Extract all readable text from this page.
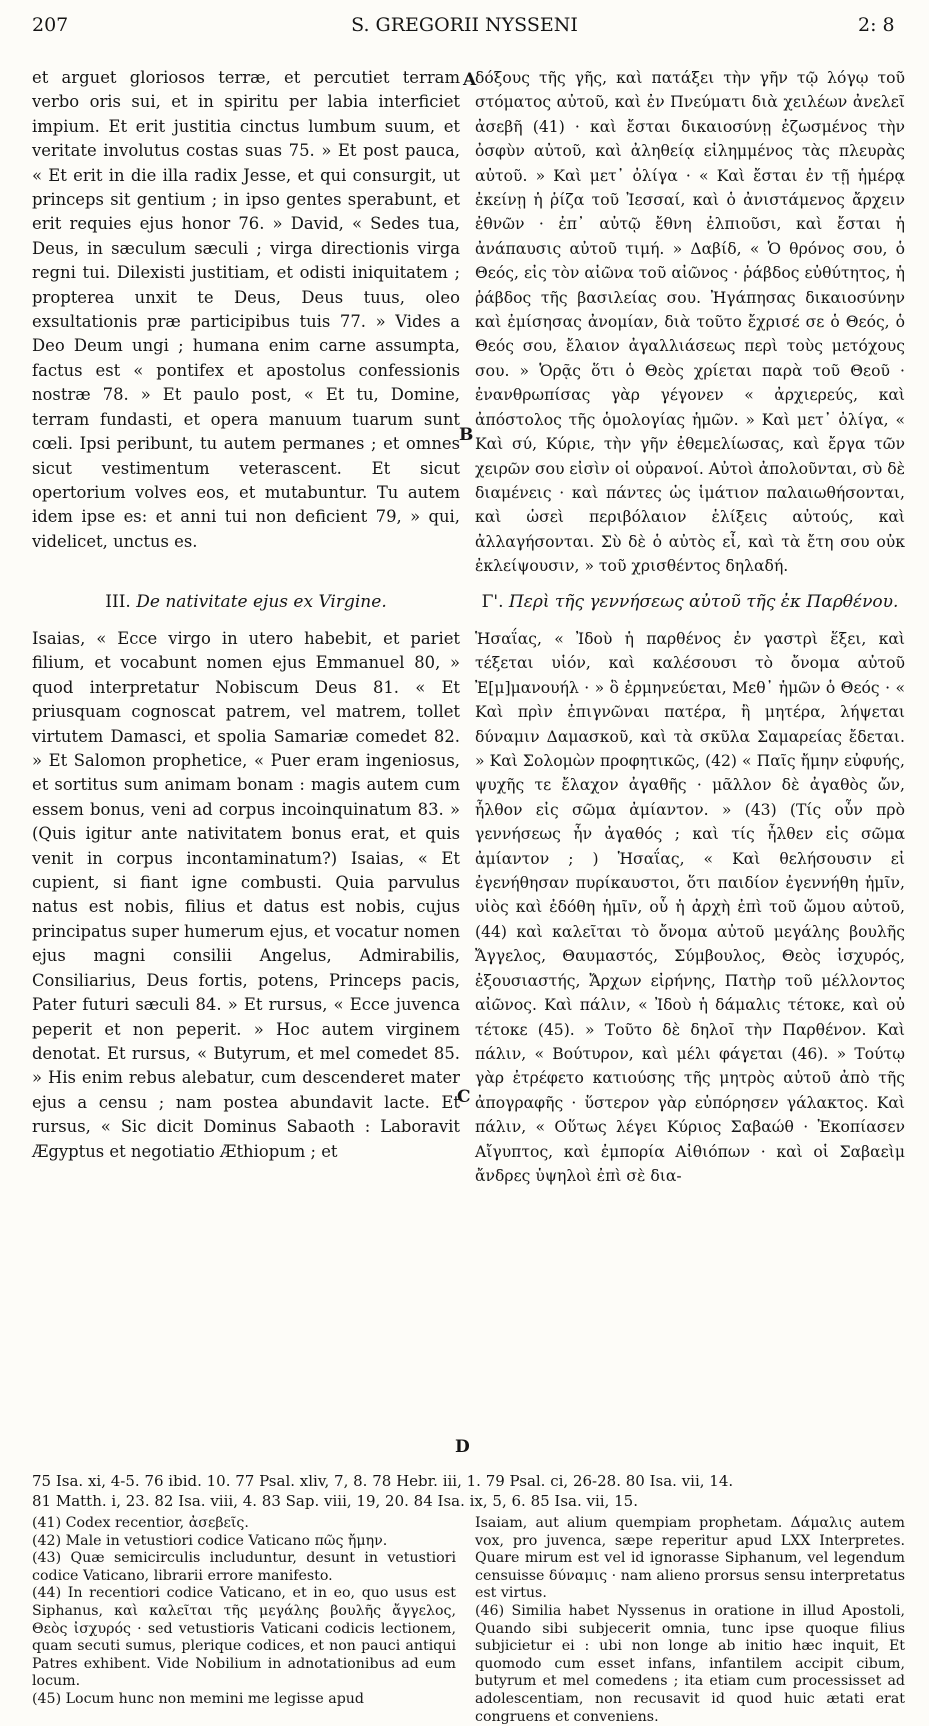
207	S. GREGORII NYSSENI	2: 8
A
B
C
D

et arguet gloriosos terræ, et percutiet terram verbo oris sui, et in spiritu per labia interficiet impium. Et erit justitia cinctus lumbum suum, et veritate involutus costas suas 75. » Et post pauca, « Et erit in die illa radix Jesse, et qui consurgit, ut princeps sit gentium ; in ipso gentes sperabunt, et erit requies ejus honor 76. » David, « Sedes tua, Deus, in sæculum sæculi ; virga directionis virga regni tui. Dilexisti justitiam, et odisti iniquitatem ; propterea unxit te Deus, Deus tuus, oleo exsultationis præ participibus tuis 77. » Vides a Deo Deum ungi ; humana enim carne assumpta, factus est « pontifex et apostolus confessionis nostræ 78. » Et paulo post, « Et tu, Domine, terram fundasti, et opera manuum tuarum sunt cœli. Ipsi peribunt, tu autem permanes ; et omnes sicut vestimentum veterascent. Et sicut opertorium volves eos, et mutabuntur. Tu autem idem ipse es: et anni tui non deficient 79, » qui, videlicet, unctus es.

δόξους τῆς γῆς, καὶ πατάξει τὴν γῆν τῷ λόγῳ τοῦ στόματος αὐτοῦ, καὶ ἐν Πνεύματι διὰ χειλέων ἀνελεῖ ἀσεβῆ (41) · καὶ ἔσται δικαιοσύνῃ ἐζωσμένος τὴν ὀσφὺν αὐτοῦ, καὶ ἀληθείᾳ εἰλημμένος τὰς πλευρὰς αὐτοῦ. » Καὶ μετ᾽ ὀλίγα · « Καὶ ἔσται ἐν τῇ ἡμέρᾳ ἐκείνῃ ἡ ῥίζα τοῦ Ἰεσσαί, καὶ ὁ ἀνιστάμενος ἄρχειν ἐθνῶν · ἐπ᾽ αὐτῷ ἔθνη ἐλπιοῦσι, καὶ ἔσται ἡ ἀνάπαυσις αὐτοῦ τιμή. » Δαβίδ, « Ὁ θρόνος σου, ὁ Θεός, εἰς τὸν αἰῶνα τοῦ αἰῶνος · ῥάβδος εὐθύτητος, ἡ ῥάβδος τῆς βασιλείας σου. Ἠγάπησας δικαιοσύνην καὶ ἐμίσησας ἀνομίαν, διὰ τοῦτο ἔχρισέ σε ὁ Θεός, ὁ Θεός σου, ἔλαιον ἀγαλλιάσεως περὶ τοὺς μετόχους σου. » Ὁρᾷς ὅτι ὁ Θεὸς χρίεται παρὰ τοῦ Θεοῦ · ἐνανθρωπίσας γὰρ γέγονεν « ἀρχιερεύς, καὶ ἀπόστολος τῆς ὁμολογίας ἡμῶν. » Καὶ μετ᾽ ὀλίγα, « Καὶ σύ, Κύριε, τὴν γῆν ἐθεμελίωσας, καὶ ἔργα τῶν χειρῶν σου εἰσὶν οἱ οὐρανοί. Αὐτοὶ ἀπολοῦνται, σὺ δὲ διαμένεις · καὶ πάντες ὡς ἱμάτιον παλαιωθήσονται, καὶ ὡσεὶ περιβόλαιον ἑλίξεις αὐτούς, καὶ ἀλλαγήσονται. Σὺ δὲ ὁ αὐτὸς εἶ, καὶ τὰ ἔτη σου οὐκ ἐκλείψουσιν, » τοῦ χρισθέντος δηλαδή.

III. De nativitate ejus ex Virgine.	Γ'. Περὶ τῆς γεννήσεως αὐτοῦ τῆς ἐκ Παρθένου.

Isaias, « Ecce virgo in utero habebit, et pariet filium, et vocabunt nomen ejus Emmanuel 80, » quod interpretatur Nobiscum Deus 81. « Et priusquam cognoscat patrem, vel matrem, tollet virtutem Damasci, et spolia Samariæ comedet 82. » Et Salomon prophetice, « Puer eram ingeniosus, et sortitus sum animam bonam : magis autem cum essem bonus, veni ad corpus incoinquinatum 83. » (Quis igitur ante nativitatem bonus erat, et quis venit in corpus incontaminatum?) Isaias, « Et cupient, si fiant igne combusti. Quia parvulus natus est nobis, filius et datus est nobis, cujus principatus super humerum ejus, et vocatur nomen ejus magni consilii Angelus, Admirabilis, Consiliarius, Deus fortis, potens, Princeps pacis, Pater futuri sæculi 84. » Et rursus, « Ecce juvenca peperit et non peperit. » Hoc autem virginem denotat. Et rursus, « Butyrum, et mel comedet 85. » His enim rebus alebatur, cum descenderet mater ejus a censu ; nam postea abundavit lacte. Et rursus, « Sic dicit Dominus Sabaoth : Laboravit Ægyptus et negotiatio Æthiopum ; et

Ἡσαΐας, « Ἰδοὺ ἡ παρθένος ἐν γαστρὶ ἕξει, καὶ τέξεται υἱόν, καὶ καλέσουσι τὸ ὄνομα αὐτοῦ Ἐ[μ]μανουήλ · » ὃ ἑρμηνεύεται, Μεθ᾽ ἡμῶν ὁ Θεός · « Καὶ πρὶν ἐπιγνῶναι πατέρα, ἢ μητέρα, λήψεται δύναμιν Δαμασκοῦ, καὶ τὰ σκῦλα Σαμαρείας ἔδεται. » Καὶ Σολομὼν προφητικῶς, (42) « Παῖς ἤμην εὐφυής, ψυχῆς τε ἔλαχον ἀγαθῆς · μᾶλλον δὲ ἀγαθὸς ὤν, ἦλθον εἰς σῶμα ἀμίαντον. » (43) (Τίς οὖν πρὸ γεννήσεως ἦν ἀγαθός ; καὶ τίς ἦλθεν εἰς σῶμα ἀμίαντον ; ) Ἡσαΐας, « Καὶ θελήσουσιν εἰ ἐγενήθησαν πυρίκαυστοι, ὅτι παιδίον ἐγεννήθη ἡμῖν, υἱὸς καὶ ἐδόθη ἡμῖν, οὗ ἡ ἀρχὴ ἐπὶ τοῦ ὤμου αὐτοῦ, (44) καὶ καλεῖται τὸ ὄνομα αὐτοῦ μεγάλης βουλῆς Ἄγγελος, Θαυμαστός, Σύμβουλος, Θεὸς ἰσχυρός, ἐξουσιαστής, Ἄρχων εἰρήνης, Πατὴρ τοῦ μέλλοντος αἰῶνος. Καὶ πάλιν, « Ἰδοὺ ἡ δάμαλις τέτοκε, καὶ οὐ τέτοκε (45). » Τοῦτο δὲ δηλοῖ τὴν Παρθένον. Καὶ πάλιν, « Βούτυρον, καὶ μέλι φάγεται (46). » Τούτῳ γὰρ ἐτρέφετο κατιούσης τῆς μητρὸς αὐτοῦ ἀπὸ τῆς ἀπογραφῆς · ὕστερον γὰρ εὐπόρησεν γάλακτος. Καὶ πάλιν, « Οὕτως λέγει Κύριος Σαβαώθ · Ἐκοπίασεν Αἴγυπτος, καὶ ἐμπορία Αἰθιόπων · καὶ οἱ Σαβαεὶμ ἄνδρες ὑψηλοὶ ἐπὶ σὲ δια-

75 Isa. xi, 4-5. 76 ibid. 10. 77 Psal. xliv, 7, 8. 78 Hebr. iii, 1. 79 Psal. ci, 26-28. 80 Isa. vii, 14.
81 Matth. i, 23. 82 Isa. viii, 4. 83 Sap. viii, 19, 20. 84 Isa. ix, 5, 6. 85 Isa. vii, 15.

(41) Codex recentior, ἀσεβεῖς.

(42) Male in vetustiori codice Vaticano πῶς ἤμην.

(43) Quæ semicirculis includuntur, desunt in vetustiori codice Vaticano, librarii errore manifesto.

(44) In recentiori codice Vaticano, et in eo, quo usus est Siphanus, καὶ καλεῖται τῆς μεγάλης βουλῆς ἄγγελος, Θεὸς ἰσχυρός · sed vetustioris Vaticani codicis lectionem, quam secuti sumus, plerique codices, et non pauci antiqui Patres exhibent. Vide Nobilium in adnotationibus ad eum locum.

(45) Locum hunc non memini me legisse apud

Isaiam, aut alium quempiam prophetam. Δάμαλις autem vox, pro juvenca, sæpe reperitur apud LXX Interpretes. Quare mirum est vel id ignorasse Siphanum, vel legendum censuisse δύναμις · nam alieno prorsus sensu interpretatus est virtus.

(46) Similia habet Nyssenus in oratione in illud Apostoli, Quando sibi subjecerit omnia, tunc ipse quoque filius subjicietur ei : ubi non longe ab initio hæc inquit, Et quomodo cum esset infans, infantilem accipit cibum, butyrum et mel comedens ; ita etiam cum processisset ad adolescentiam, non recusavit id quod huic ætati erat congruens et conveniens.
